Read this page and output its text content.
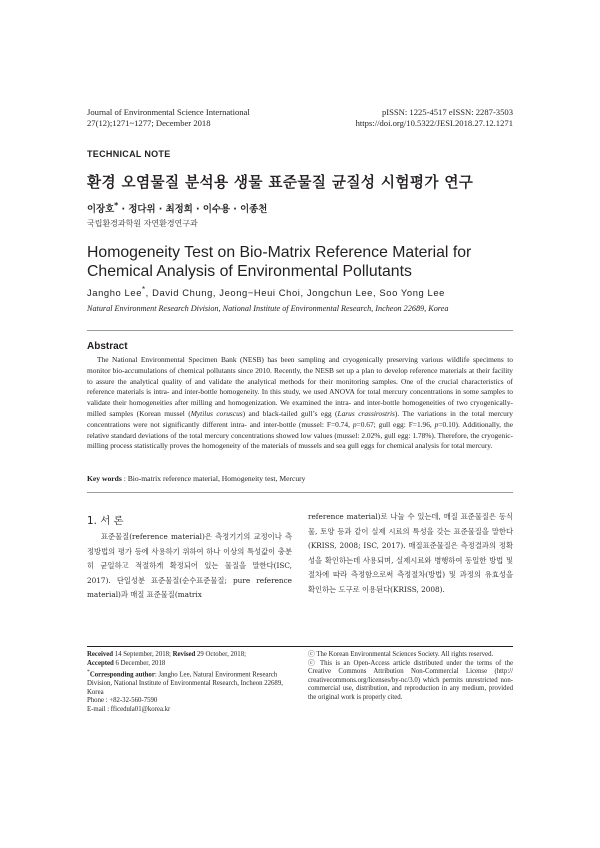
Journal of Environmental Science International
27(12);1271~1277; December 2018
pISSN: 1225-4517 eISSN: 2287-3503
https://doi.org/10.5322/JESI.2018.27.12.1271
TECHNICAL NOTE
환경 오염물질 분석용 생물 표준물질 균질성 시험평가 연구
이장호* · 정다위 · 최정희 · 이수용 · 이종천
국립환경과학원 자연환경연구과
Homogeneity Test on Bio-Matrix Reference Material for Chemical Analysis of Environmental Pollutants
Jangho Lee*, David Chung, Jeong−Heui Choi, Jongchun Lee, Soo Yong Lee
Natural Environment Research Division, National Institute of Environmental Research, Incheon 22689, Korea
Abstract

The National Environmental Specimen Bank (NESB) has been sampling and cryogenically preserving various wildlife specimens to monitor bio-accumulations of chemical pollutants since 2010. Recently, the NESB set up a plan to develop reference materials at their facility to assure the analytical quality of and validate the analytical methods for their monitoring samples. One of the crucial characteristics of reference materials is intra- and inter-bottle homogeneity. In this study, we used ANOVA for total mercury concentrations in some samples to validate their homogeneities after milling and homogenization. We examined the intra- and inter-bottle homogeneities of two cryogenically-milled samples (Korean mussel (Mytilus coruscus) and black-tailed gull’s egg (Larus crassirostris). The variations in the total mercury concentrations were not significantly different intra- and inter-bottle (mussel: F=0.74, p=0.67; gull egg: F=1.96, p=0.10). Additionally, the relative standard deviations of the total mercury concentrations showed low values (mussel: 2.02%, gull egg: 1.78%). Therefore, the cryogenic-milling process statistically proves the homogeneity of the materials of mussels and sea gull eggs for chemical analysis for total mercury.

Key words : Bio-matrix reference material, Homogeneity test, Mercury
1. 서 론

표준물질(reference material)은 측정기기의 교정이나 측정방법의 평가 등에 사용하기 위하여 하나 이상의 특성값이 충분히 균일하고 적절하게 확정되어 있는 물질을 말한다(ISC, 2017). 단일성분 표준물질(순수표준물질; pure reference material)과 매질 표준물질(matrix

reference material)로 나눌 수 있는데, 매질 표준물질은 동식물, 토양 등과 같이 실제 시료의 특성을 갖는 표준물질을 말한다(KRISS, 2008; ISC, 2017). 매질표준물질은 측정결과의 정확성을 확인하는데 사용되며, 실제시료와 병행하여 동일한 방법 및 절차에 따라 측정함으로써 측정절차(방법) 및 과정의 유효성을 확인하는 도구로 이용된다(KRISS, 2008).

Received 14 September, 2018; Revised 29 October, 2018;
Accepted 6 December, 2018
*Corresponding author: Jangho Lee, Natural Environment Research Division, National Institute of Environmental Research, Incheon 22689, Korea
Phone : +82-32-560-7590
E-mail : fficedula01@korea.kr
ⓒ The Korean Environmental Sciences Society. All rights reserved.
ⓒ This is an Open-Access article distributed under the terms of the Creative Commons Attribution Non-Commercial License (http:// creativecommons.org/licenses/by-nc/3.0) which permits unrestricted non-commercial use, distribution, and reproduction in any medium, provided the original work is properly cited.
